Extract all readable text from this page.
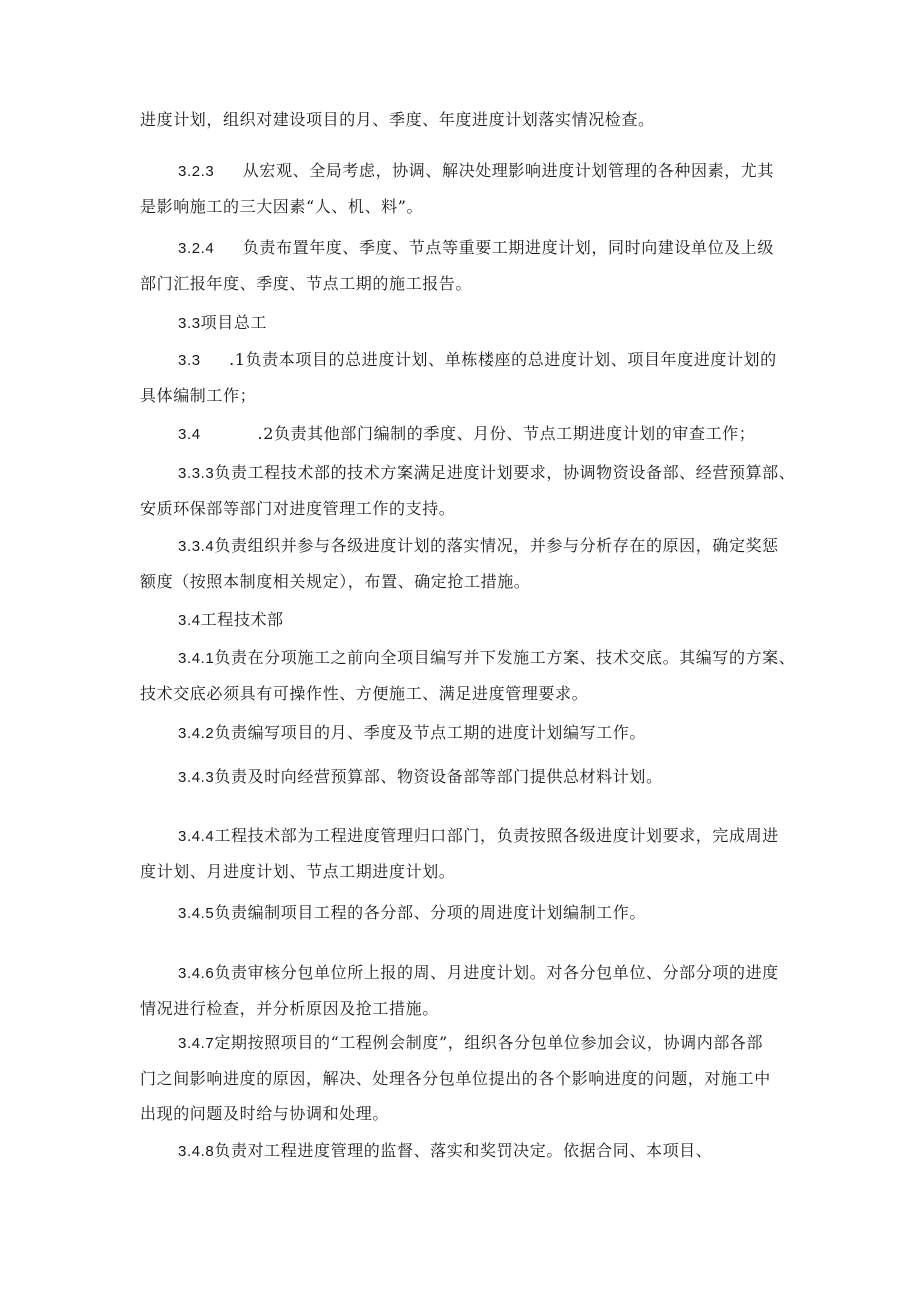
进度计划，组织对建设项目的月、季度、年度进度计划落实情况检查。

3.2.3     从宏观、全局考虑，协调、解决处理影响进度计划管理的各种因素，尤其
是影响施工的三大因素“人、机、料”。

3.2.4     负责布置年度、季度、节点等重要工期进度计划，同时向建设单位及上级
部门汇报年度、季度、节点工期的施工报告。

3.3项目总工

3.3     .1负责本项目的总进度计划、单栋楼座的总进度计划、项目年度进度计划的
具体编制工作；

3.4          .2负责其他部门编制的季度、月份、节点工期进度计划的审查工作；

3.3.3负责工程技术部的技术方案满足进度计划要求，协调物资设备部、经营预算部、
安质环保部等部门对进度管理工作的支持。

3.3.4负责组织并参与各级进度计划的落实情况，并参与分析存在的原因，确定奖惩
额度（按照本制度相关规定），布置、确定抢工措施。

3.4工程技术部

3.4.1负责在分项施工之前向全项目编写并下发施工方案、技术交底。其编写的方案、
技术交底必须具有可操作性、方便施工、满足进度管理要求。

3.4.2负责编写项目的月、季度及节点工期的进度计划编写工作。

3.4.3负责及时向经营预算部、物资设备部等部门提供总材料计划。

3.4.4工程技术部为工程进度管理归口部门，负责按照各级进度计划要求，完成周进
度计划、月进度计划、节点工期进度计划。

3.4.5负责编制项目工程的各分部、分项的周进度计划编制工作。

3.4.6负责审核分包单位所上报的周、月进度计划。对各分包单位、分部分项的进度
情况进行检查，并分析原因及抢工措施。

3.4.7定期按照项目的“工程例会制度”，组织各分包单位参加会议，协调内部各部
门之间影响进度的原因，解决、处理各分包单位提出的各个影响进度的问题，对施工中
出现的问题及时给与协调和处理。

3.4.8负责对工程进度管理的监督、落实和奖罚决定。依据合同、本项目、
